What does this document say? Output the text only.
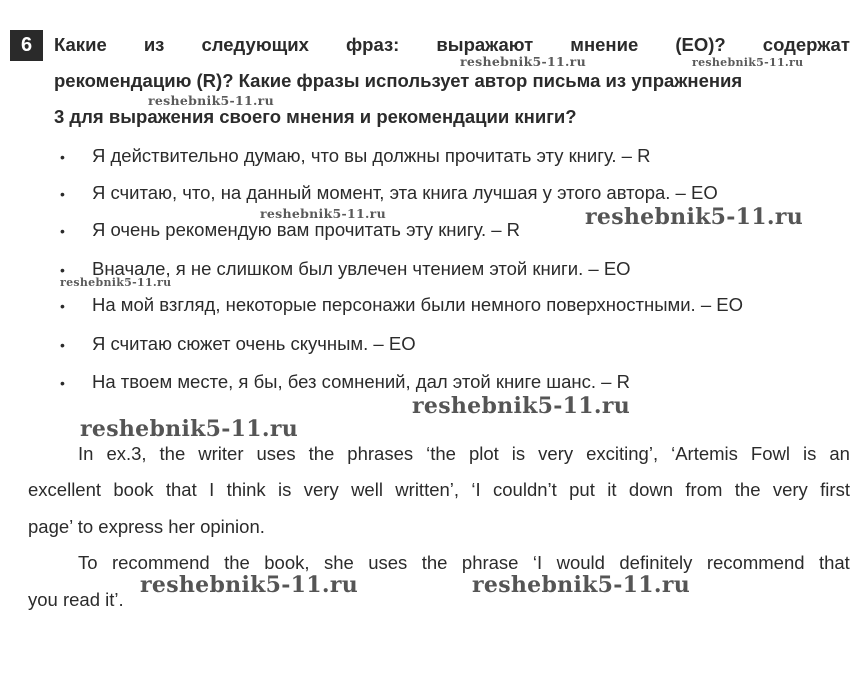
6	Какие из следующих фраз: выражают мнение (EO)? содержат
рекомендацию (R)? Какие фразы использует автор письма из упражнения
3 для выражения своего мнения и рекомендации книги?
• Я действительно думаю, что вы должны прочитать эту книгу. – R
• Я считаю, что, на данный момент, эта книга лучшая у этого автора. – EO
• Я очень рекомендую вам прочитать эту книгу. – R
• Вначале, я не слишком был увлечен чтением этой книги. – EO
• На мой взгляд, некоторые персонажи были немного поверхностными. – EO
• Я считаю сюжет очень скучным. – EO
• На твоем месте, я бы, без сомнений, дал этой книге шанс. – R
In ex.3, the writer uses the phrases ‘the plot is very exciting’, ‘Artemis Fowl is an
excellent book that I think is very well written’, ‘I couldn’t put it down from the very first
page’ to express her opinion.
To recommend the book, she uses the phrase ‘I would definitely recommend that
you read it’.
reshebnik5-11.ru	reshebnik5-11.ru
reshebnik5-11.ru
reshebnik5-11.ru	reshebnik5-11.ru
reshebnik5-11.ru
reshebnik5-11.ru
reshebnik5-11.ru
reshebnik5-11.ru	reshebnik5-11.ru
